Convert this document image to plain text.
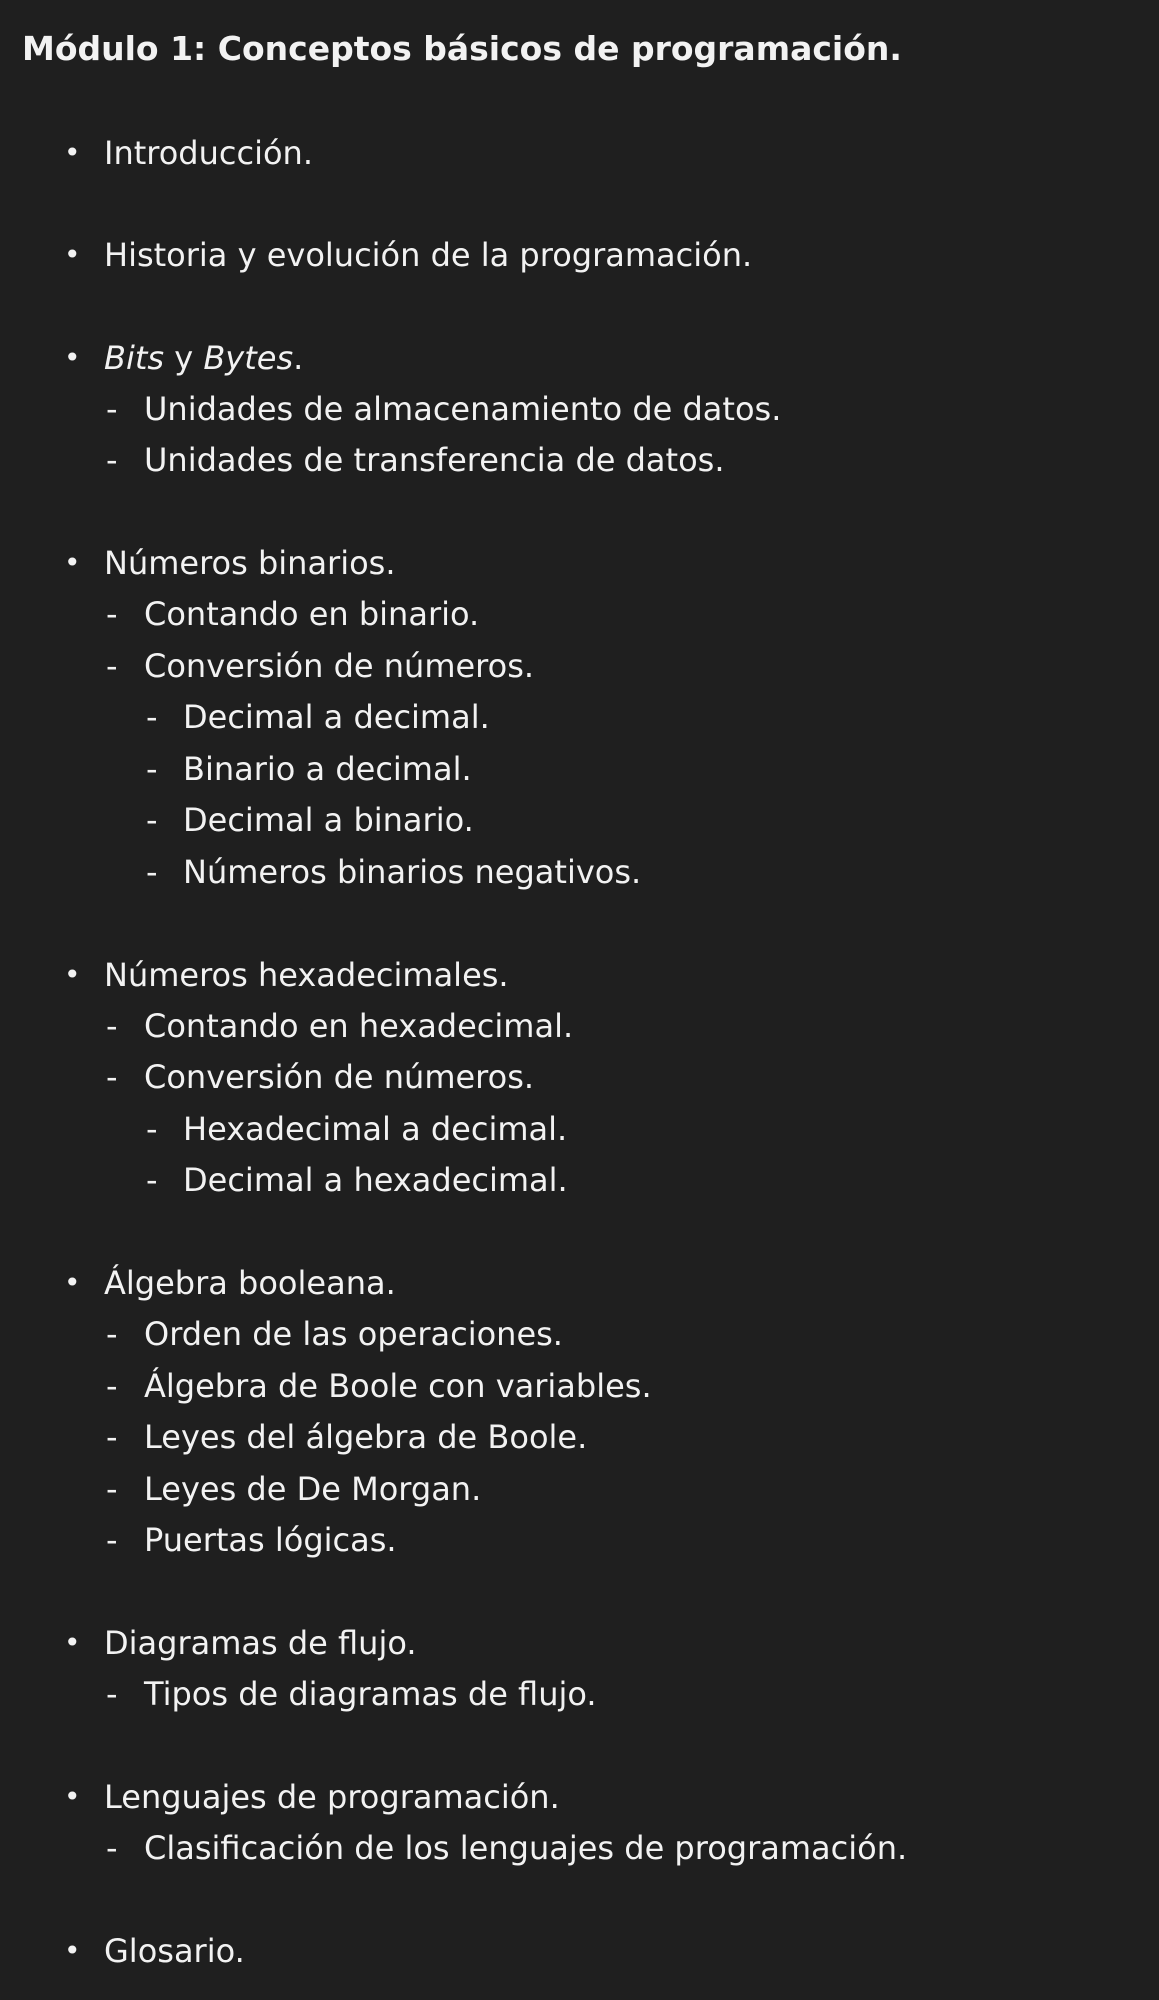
Módulo 1: Conceptos básicos de programación.
• Introducción.
• Historia y evolución de la programación.
• Bits y Bytes.
- Unidades de almacenamiento de datos.
- Unidades de transferencia de datos.
• Números binarios.
- Contando en binario.
- Conversión de números.
- Decimal a decimal.
- Binario a decimal.
- Decimal a binario.
- Números binarios negativos.
• Números hexadecimales.
- Contando en hexadecimal.
- Conversión de números.
- Hexadecimal a decimal.
- Decimal a hexadecimal.
• Álgebra booleana.
- Orden de las operaciones.
- Álgebra de Boole con variables.
- Leyes del álgebra de Boole.
- Leyes de De Morgan.
- Puertas lógicas.
• Diagramas de flujo.
- Tipos de diagramas de flujo.
• Lenguajes de programación.
- Clasificación de los lenguajes de programación.
• Glosario.
